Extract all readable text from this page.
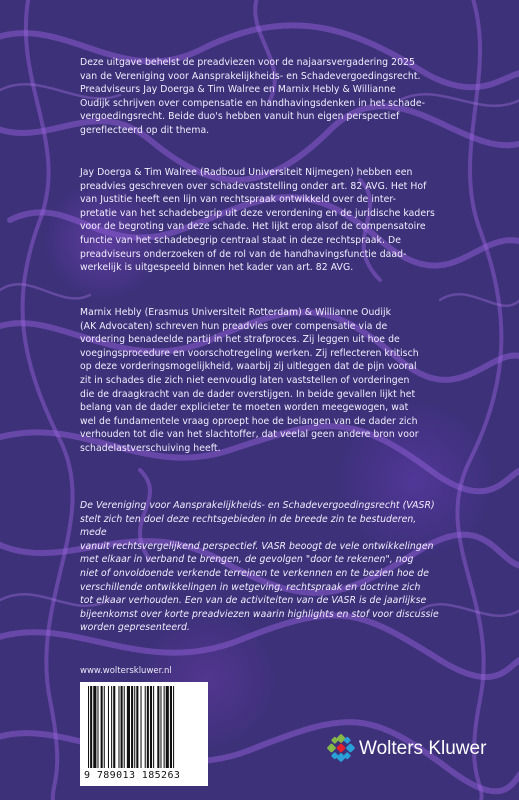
Deze uitgave behelst de preadviezen voor de najaarsvergadering 2025

van de Vereniging voor Aansprakelijkheids- en Schadevergoedingsrecht.

Preadviseurs Jay Doerga & Tim Walree en Marnix Hebly & Willianne

Oudijk schrijven over compensatie en handhavingsdenken in het schade-

vergoedingsrecht. Beide duo's hebben vanuit hun eigen perspectief

gereflecteerd op dit thema.

Jay Doerga & Tim Walree (Radboud Universiteit Nijmegen) hebben een

preadvies geschreven over schadevaststelling onder art. 82 AVG. Het Hof

van Justitie heeft een lijn van rechtspraak ontwikkeld over de inter-

pretatie van het schadebegrip uit deze verordening en de juridische kaders

voor de begroting van deze schade. Het lijkt erop alsof de compensatoire

functie van het schadebegrip centraal staat in deze rechtspraak. De

preadviseurs onderzoeken of de rol van de handhavingsfunctie daad-

werkelijk is uitgespeeld binnen het kader van art. 82 AVG.

Marnix Hebly (Erasmus Universiteit Rotterdam) & Willianne Oudijk

(AK Advocaten) schreven hun preadvies over compensatie via de

vordering benadeelde partij in het strafproces. Zij leggen uit hoe de

voegingsprocedure en voorschotregeling werken. Zij reflecteren kritisch

op deze vorderingsmogelijkheid, waarbij zij uitleggen dat de pijn vooral

zit in schades die zich niet eenvoudig laten vaststellen of vorderingen

die de draagkracht van de dader overstijgen. In beide gevallen lijkt het

belang van de dader explicieter te moeten worden meegewogen, wat

wel de fundamentele vraag oproept hoe de belangen van de dader zich

verhouden tot die van het slachtoffer, dat veelal geen andere bron voor

schadelastverschuiving heeft.

De Vereniging voor Aansprakelijkheids- en Schadevergoedingsrecht (VASR)

stelt zich ten doel deze rechtsgebieden in de breede zin te bestuderen, mede

vanuit rechtsvergelijkend perspectief. VASR beoogt de vele ontwikkelingen

met elkaar in verband te brengen, de gevolgen "door te rekenen", nog

niet of onvoldoende verkende terreinen te verkennen en te bezien hoe de

verschillende ontwikkelingen in wetgeving, rechtspraak en doctrine zich

tot elkaar verhouden. Een van de activiteiten van de VASR is de jaarlijkse

bijeenkomst over korte preadviezen waarin highlights en stof voor discussie

worden gepresenteerd.

www.wolterskluwer.nl
9 789013 185263
Wolters Kluwer
